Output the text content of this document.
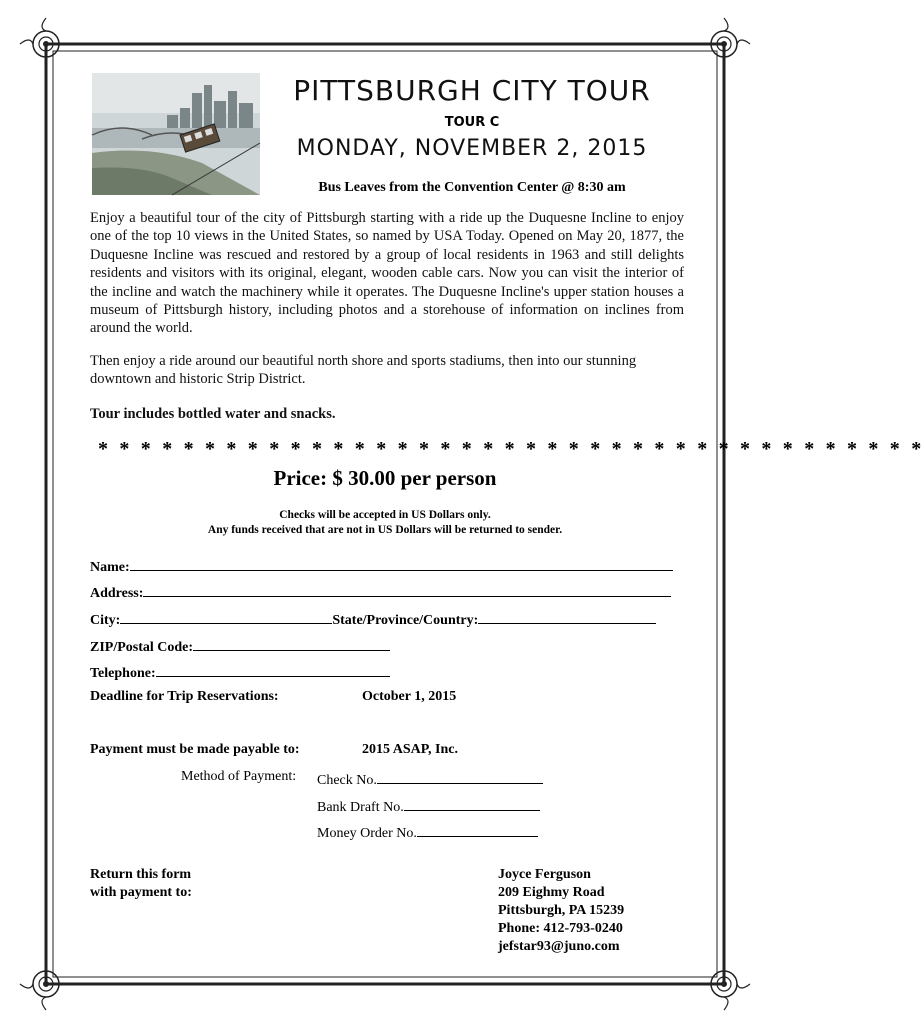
PITTSBURGH CITY TOUR
TOUR C
MONDAY, NOVEMBER 2, 2015
Bus Leaves from the Convention Center @ 8:30 am
Enjoy a beautiful tour of the city of Pittsburgh starting with a ride up the Duquesne Incline to enjoy one of the top 10 views in the United States, so named by USA Today. Opened on May 20, 1877, the Duquesne Incline was rescued and restored by a group of local residents in 1963 and still delights residents and visitors with its original, elegant, wooden cable cars. Now you can visit the interior of the incline and watch the machinery while it operates. The Duquesne Incline's upper station houses a museum of Pittsburgh history, including photos and a storehouse of information on inclines from around the world.
Then enjoy a ride around our beautiful north shore and sports stadiums, then into our stunning downtown and historic Strip District.
Tour includes bottled water and snacks.
* * * * * * * * * * * * * * * * * * * * * * * * * * * * * * * * * * * * * * *
Price: $ 30.00 per person
Checks will be accepted in US Dollars only.
Any funds received that are not in US Dollars will be returned to sender.
Name:
Address:
City:	State/Province/Country:
ZIP/Postal Code:
Telephone:
Deadline for Trip Reservations:	October 1, 2015
Payment must be made payable to:	2015 ASAP, Inc.
Method of Payment: Check No.
Bank Draft No.
Money Order No.
Return this form
with payment to:
Joyce Ferguson
209 Eighmy Road
Pittsburgh, PA 15239
Phone: 412-793-0240
jefstar93@juno.com
